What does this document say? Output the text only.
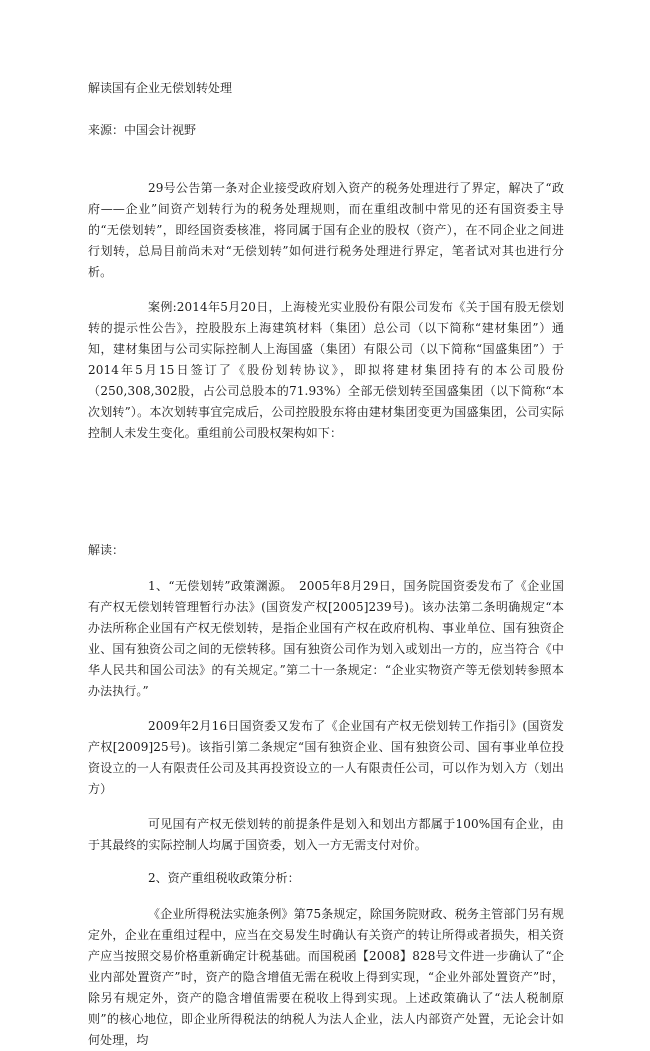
解读国有企业无偿划转处理
来源：中国会计视野

29号公告第一条对企业接受政府划入资产的税务处理进行了界定，解决了“政府——企业”间资产划转行为的税务处理规则，而在重组改制中常见的还有国资委主导的“无偿划转”，即经国资委核准，将同属于国有企业的股权（资产），在不同企业之间进行划转，总局目前尚未对“无偿划转”如何进行税务处理进行界定，笔者试对其也进行分析。

案例:2014年5月20日，上海棱光实业股份有限公司发布《关于国有股无偿划转的提示性公告》，控股股东上海建筑材料（集团）总公司（以下简称“建材集团”）通知，建材集团与公司实际控制人上海国盛（集团）有限公司（以下简称“国盛集团”）于2014年5月15日签订了《股份划转协议》，即拟将建材集团持有的本公司股份（250,308,302股，占公司总股本的71.93%）全部无偿划转至国盛集团（以下简称“本次划转”）。本次划转事宜完成后，公司控股股东将由建材集团变更为国盛集团，公司实际控制人未发生变化。重组前公司股权架构如下：

解读：

1、“无偿划转”政策渊源。　2005年8月29日，国务院国资委发布了《企业国有产权无偿划转管理暂行办法》(国资发产权[2005]239号)。该办法第二条明确规定“本办法所称企业国有产权无偿划转，是指企业国有产权在政府机构、事业单位、国有独资企业、国有独资公司之间的无偿转移。国有独资公司作为划入或划出一方的，应当符合《中华人民共和国公司法》的有关规定。”第二十一条规定：“企业实物资产等无偿划转参照本办法执行。”

2009年2月16日国资委又发布了《企业国有产权无偿划转工作指引》(国资发产权[2009]25号)。该指引第二条规定“国有独资企业、国有独资公司、国有事业单位投资设立的一人有限责任公司及其再投资设立的一人有限责任公司，可以作为划入方（划出方）

可见国有产权无偿划转的前提条件是划入和划出方都属于100%国有企业，由于其最终的实际控制人均属于国资委，划入一方无需支付对价。

2、资产重组税收政策分析：

《企业所得税法实施条例》第75条规定，除国务院财政、税务主管部门另有规定外，企业在重组过程中，应当在交易发生时确认有关资产的转让所得或者损失，相关资产应当按照交易价格重新确定计税基础。而国税函【2008】828号文件进一步确认了“企业内部处置资产”时，资产的隐含增值无需在税收上得到实现，“企业外部处置资产”时，除另有规定外，资产的隐含增值需要在税收上得到实现。上述政策确认了“法人税制原则”的核心地位，即企业所得税法的纳税人为法人企业，法人内部资产处置，无论会计如何处理，均
